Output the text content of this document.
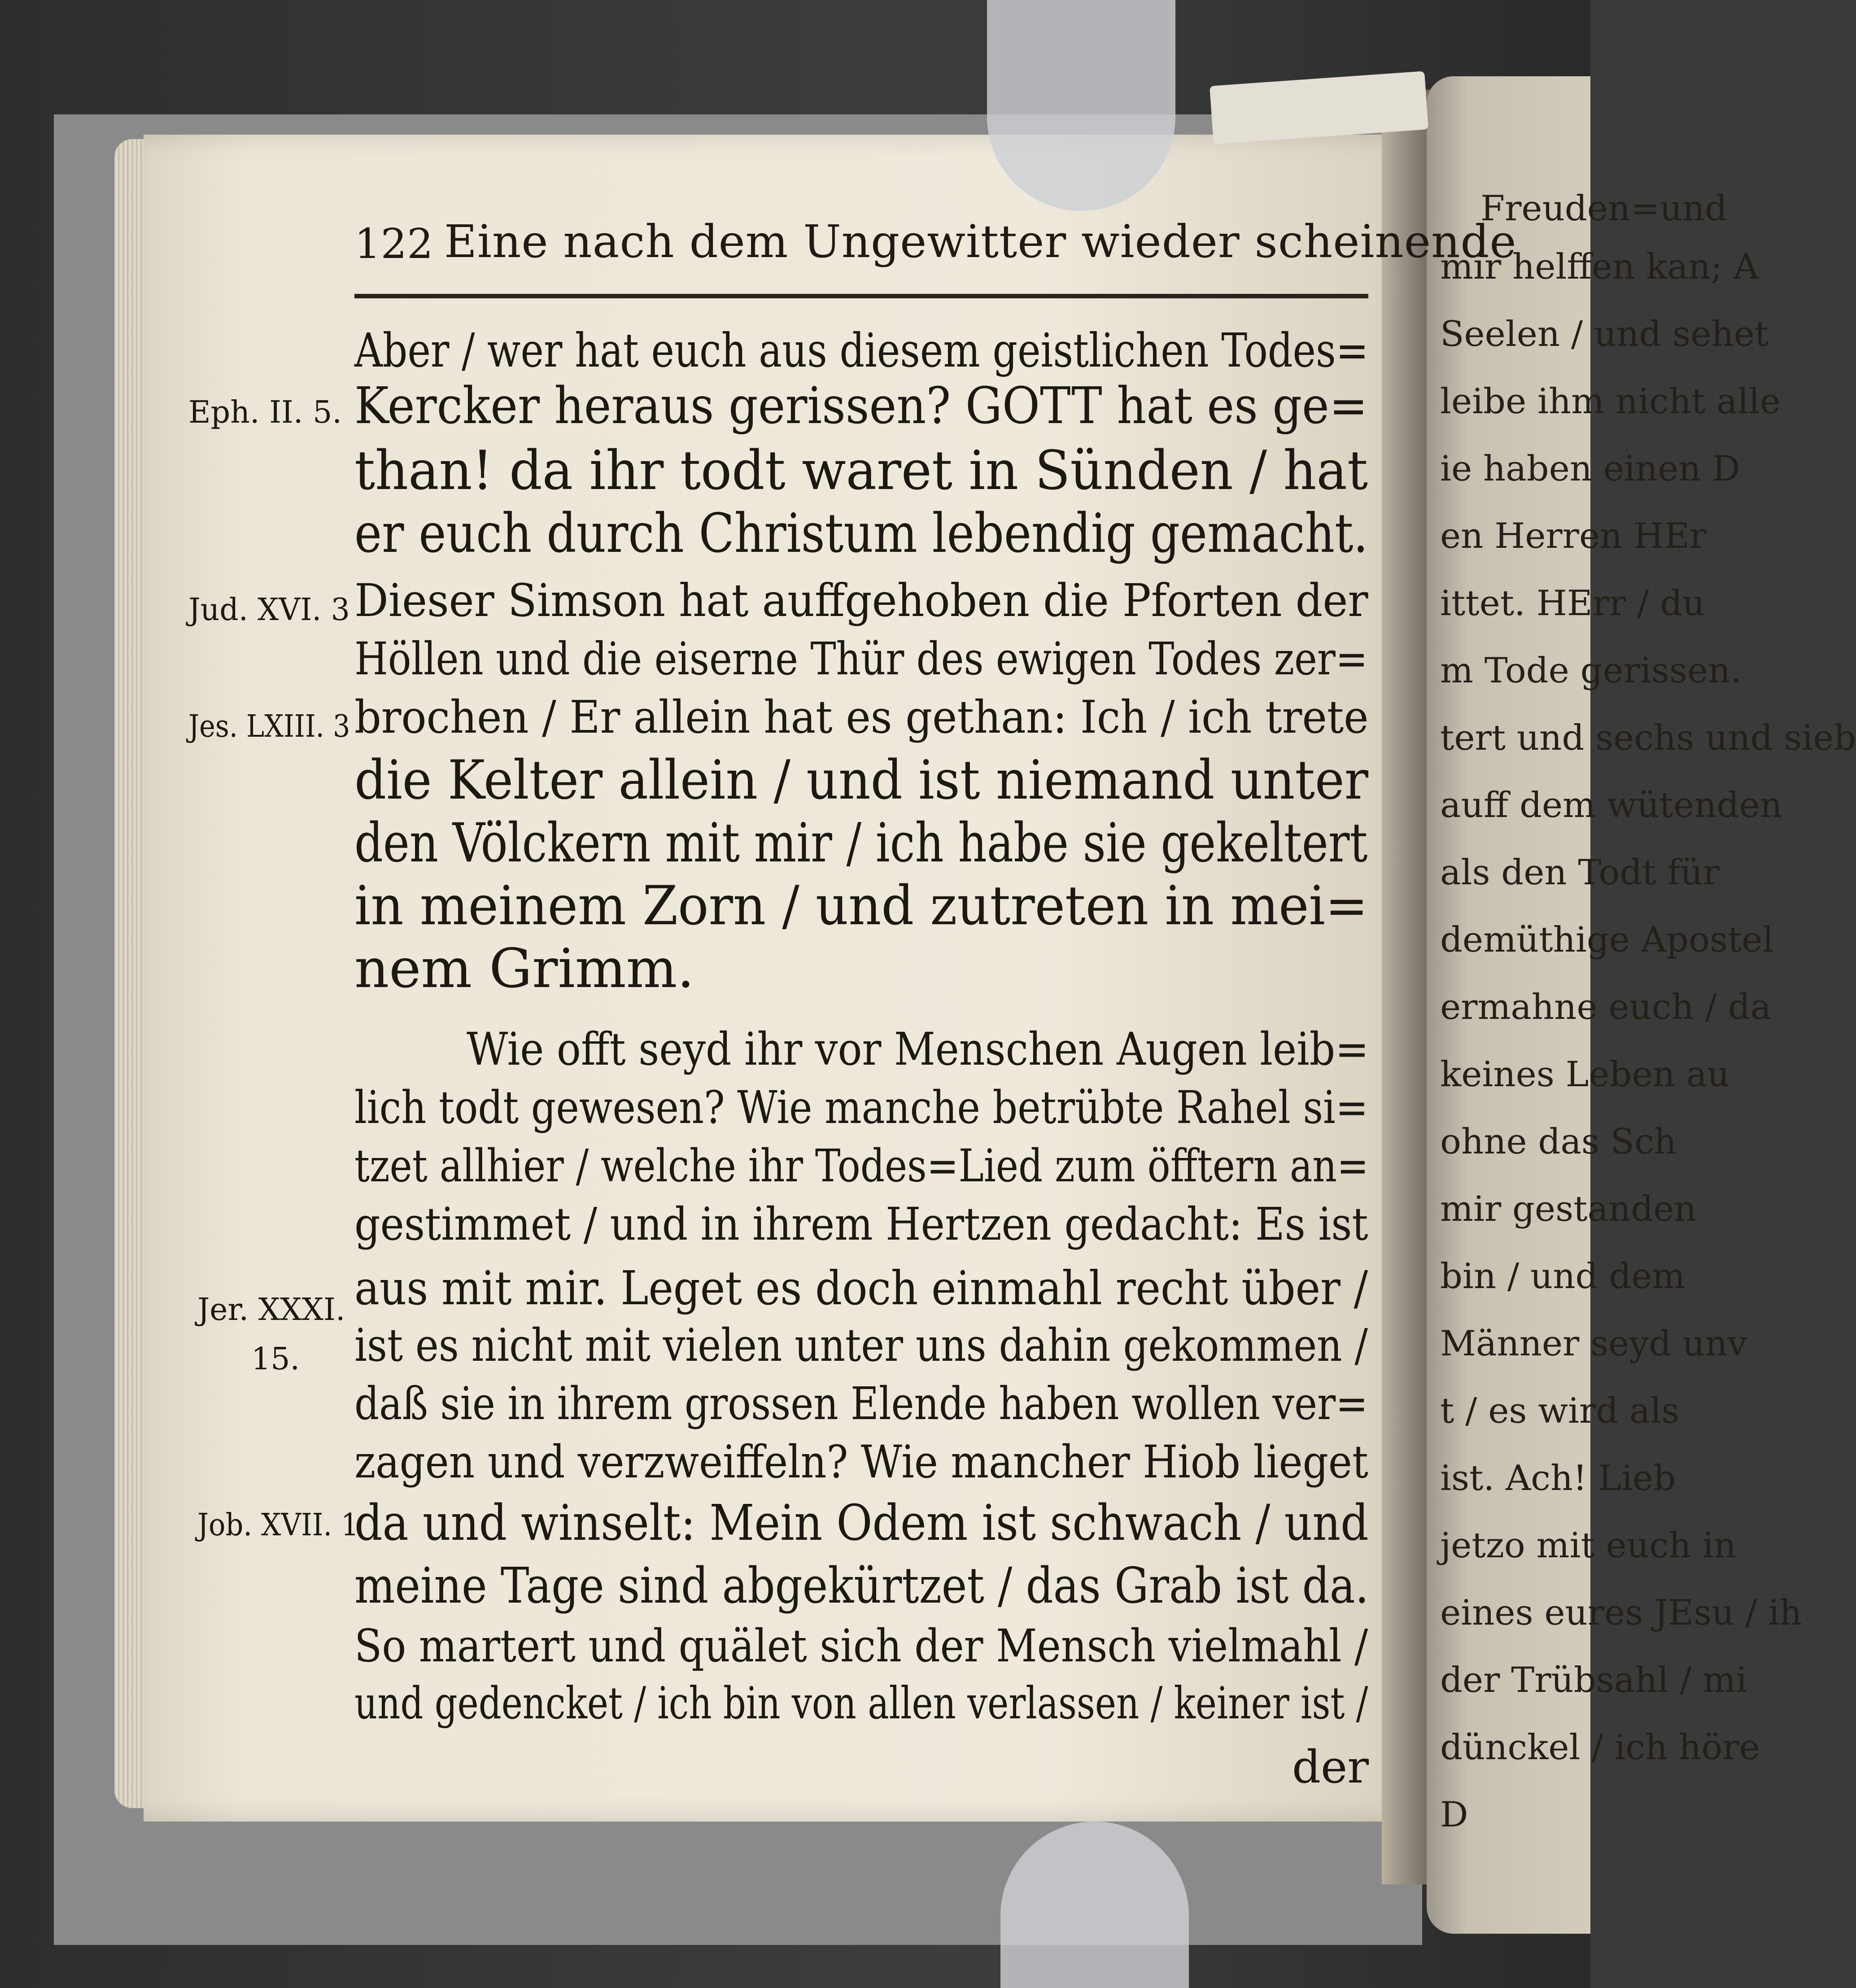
Freuden=und
mir helffen kan; A
Seelen / und sehet
leibe ihm nicht alle
ie haben einen D
en Herren HEr
ittet. HErr / du
m Tode gerissen.
tert und sechs und sieb
auff dem wütenden
als den Todt für
demüthige Apostel
ermahne euch / da
keines Leben au
ohne das Sch
mir gestanden
bin / und dem
Männer seyd unv
t / es wird als
ist. Ach! Lieb
jetzo mit euch in
eines eures JEsu / ih
der Trübsahl / mi
dünckel / ich höre
D
122 Eine nach dem Ungewitter wieder scheinende
Aber / wer hat euch aus diesem geistlichen Todes=
Kercker heraus gerissen? GOTT hat es ge=
than! da ihr todt waret in Sünden / hat
er euch durch Christum lebendig gemacht.
Dieser Simson hat auffgehoben die Pforten der
Höllen und die eiserne Thür des ewigen Todes zer=
brochen / Er allein hat es gethan: Ich / ich trete
die Kelter allein / und ist niemand unter
den Völckern mit mir / ich habe sie gekeltert
in meinem Zorn / und zutreten in mei=
nem Grimm.
Wie offt seyd ihr vor Menschen Augen leib=
lich todt gewesen? Wie manche betrübte Rahel si=
tzet allhier / welche ihr Todes=Lied zum öfftern an=
gestimmet / und in ihrem Hertzen gedacht: Es ist
aus mit mir. Leget es doch einmahl recht über /
ist es nicht mit vielen unter uns dahin gekommen /
daß sie in ihrem grossen Elende haben wollen ver=
zagen und verzweiffeln? Wie mancher Hiob lieget
da und winselt: Mein Odem ist schwach / und
meine Tage sind abgekürtzet / das Grab ist da.
So martert und quälet sich der Mensch vielmahl /
und gedencket / ich bin von allen verlassen / keiner ist /
der
Eph. II. 5.
Jud. XVI. 3
Jes. LXIII. 3
Jer. XXXI.
15.
Job. XVII. 1
